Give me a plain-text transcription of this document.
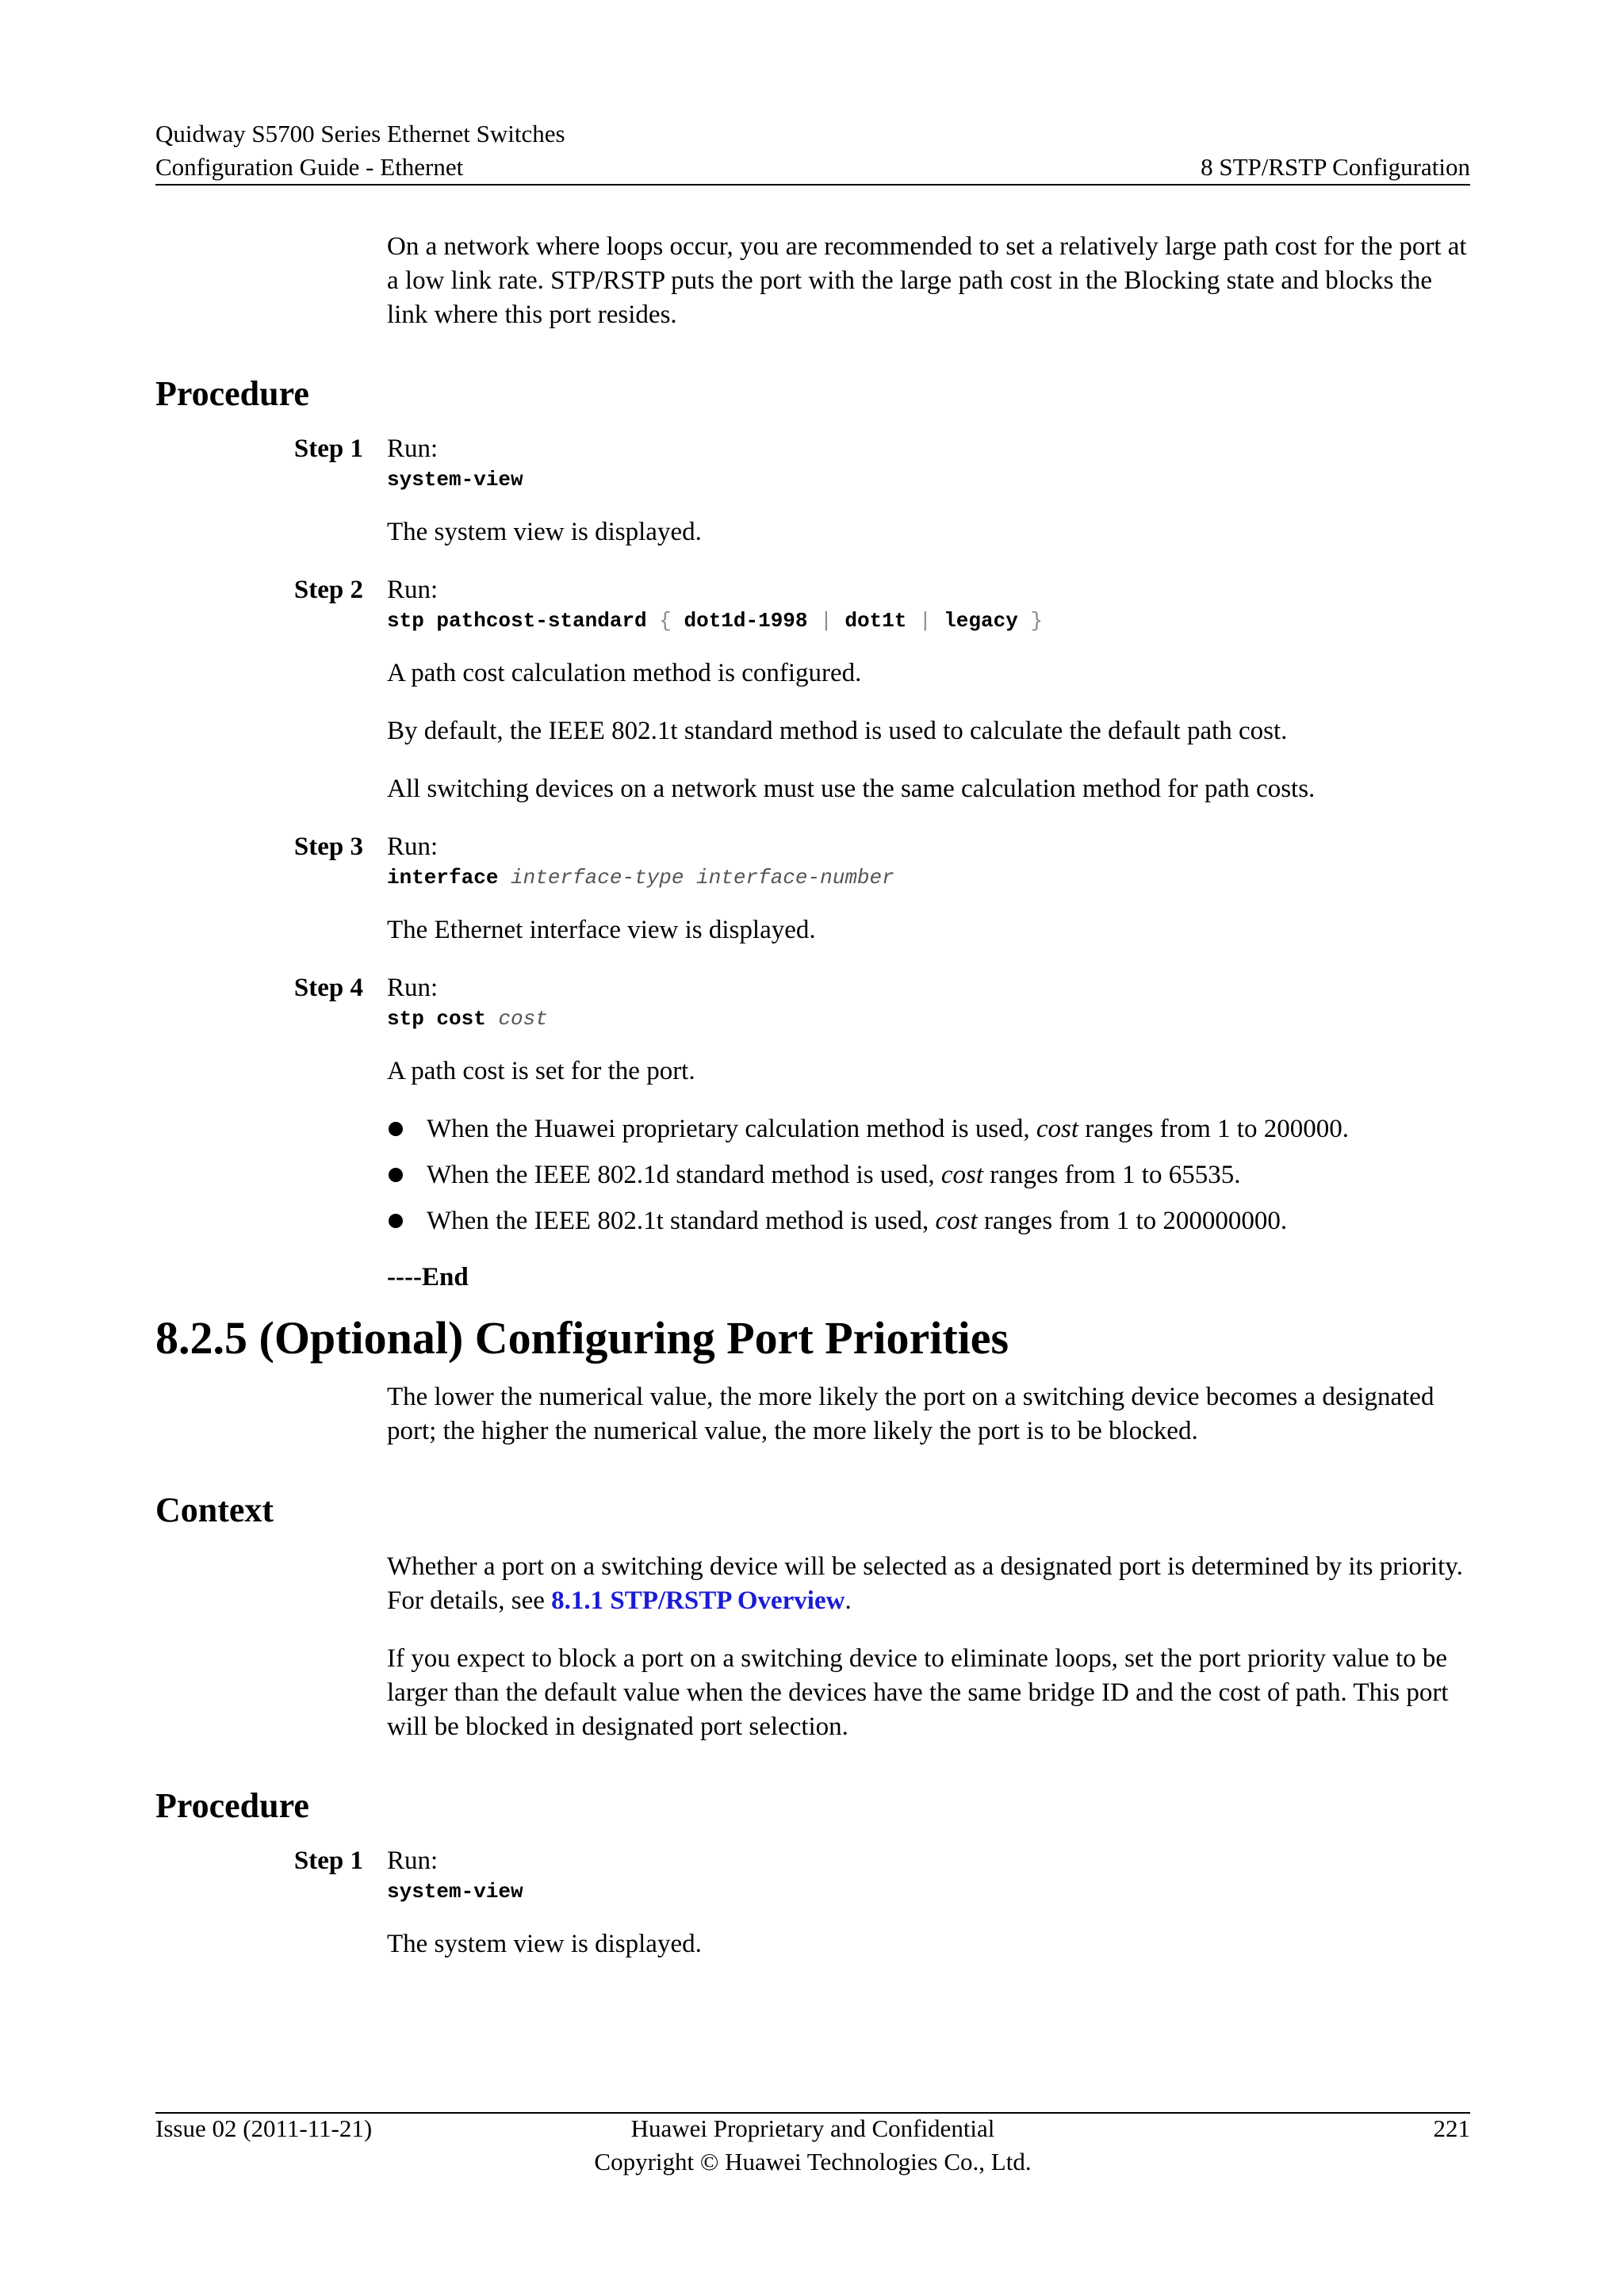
Quidway S5700 Series Ethernet Switches
Configuration Guide - Ethernet	8 STP/RSTP Configuration

On a network where loops occur, you are recommended to set a relatively large path cost for the port at a low link rate. STP/RSTP puts the port with the large path cost in the Blocking state and blocks the link where this port resides.

Procedure
Step 1 Run:

system-view

The system view is displayed.

Step 2 Run:

stp pathcost-standard { dot1d-1998 | dot1t | legacy }

A path cost calculation method is configured.

By default, the IEEE 802.1t standard method is used to calculate the default path cost.

All switching devices on a network must use the same calculation method for path costs.

Step 3 Run:

interface interface-type interface-number

The Ethernet interface view is displayed.

Step 4 Run:

stp cost cost

A path cost is set for the port.

When the Huawei proprietary calculation method is used, cost ranges from 1 to 200000.
When the IEEE 802.1d standard method is used, cost ranges from 1 to 65535.
When the IEEE 802.1t standard method is used, cost ranges from 1 to 200000000.
----End
8.2.5 (Optional) Configuring Port Priorities

The lower the numerical value, the more likely the port on a switching device becomes a designated port; the higher the numerical value, the more likely the port is to be blocked.

Context

Whether a port on a switching device will be selected as a designated port is determined by its priority. For details, see 8.1.1 STP/RSTP Overview.

If you expect to block a port on a switching device to eliminate loops, set the port priority value to be larger than the default value when the devices have the same bridge ID and the cost of path. This port will be blocked in designated port selection.

Procedure
Step 1 Run:

system-view

The system view is displayed.

Issue 02 (2011-11-21)	Huawei Proprietary and Confidential
Copyright © Huawei Technologies Co., Ltd.
221
